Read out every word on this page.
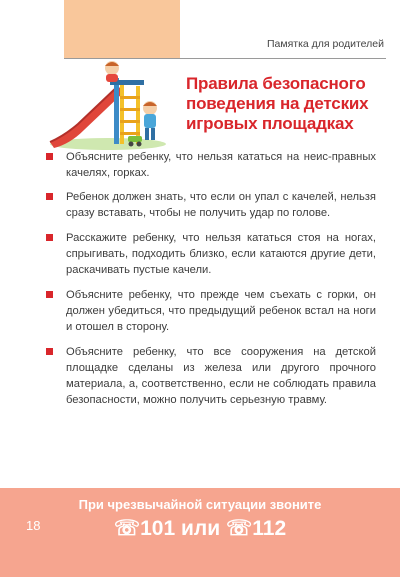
Памятка для родителей
Правила безопасного
поведения на детских
игровых площадках
Объясните ребенку, что нельзя кататься на неис-правных качелях, горках.
Ребенок должен знать, что если он упал с качелей, нельзя сразу вставать, чтобы не получить удар по голове.
Расскажите ребенку, что нельзя кататься стоя на ногах, спрыгивать, подходить близко, если катаются другие дети, раскачивать пустые качели.
Объясните ребенку, что прежде чем съехать с горки, он должен убедиться, что предыдущий ребенок встал на ноги и отошел в сторону.
Объясните ребенку, что все сооружения на детской площадке сделаны из железа или другого прочного материала, а, соответственно, если не соблюдать правила безопасности, можно получить серьезную травму.
18
При чрезвычайной ситуации звоните
☏101 или ☏112
